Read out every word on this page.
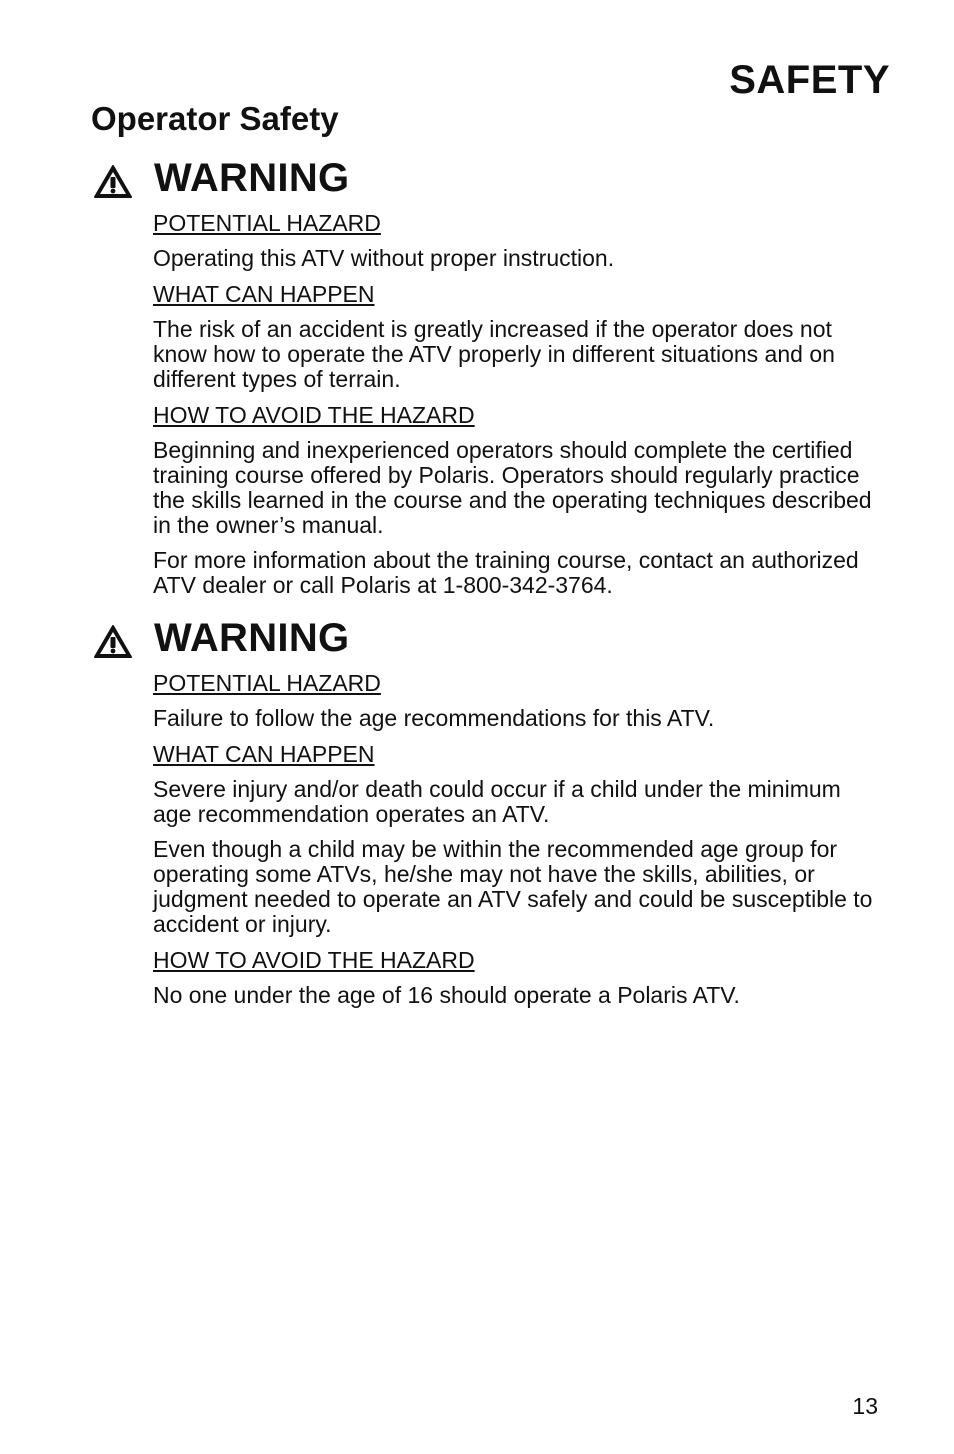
SAFETY
Operator Safety
WARNING
POTENTIAL HAZARD

Operating this ATV without proper instruction.

WHAT CAN HAPPEN

The risk of an accident is greatly increased if the operator does not know how to operate the ATV properly in different situations and on different types of terrain.

HOW TO AVOID THE HAZARD

Beginning and inexperienced operators should complete the certified training course offered by Polaris. Operators should regularly practice the skills learned in the course and the operating techniques described in the owner’s manual.

For more information about the training course, contact an authorized ATV dealer or call Polaris at 1-800-342-3764.

WARNING
POTENTIAL HAZARD

Failure to follow the age recommendations for this ATV.

WHAT CAN HAPPEN

Severe injury and/or death could occur if a child under the minimum age recommendation operates an ATV.

Even though a child may be within the recommended age group for operating some ATVs, he/she may not have the skills, abilities, or judgment needed to operate an ATV safely and could be susceptible to accident or injury.

HOW TO AVOID THE HAZARD

No one under the age of 16 should operate a Polaris ATV.

13
